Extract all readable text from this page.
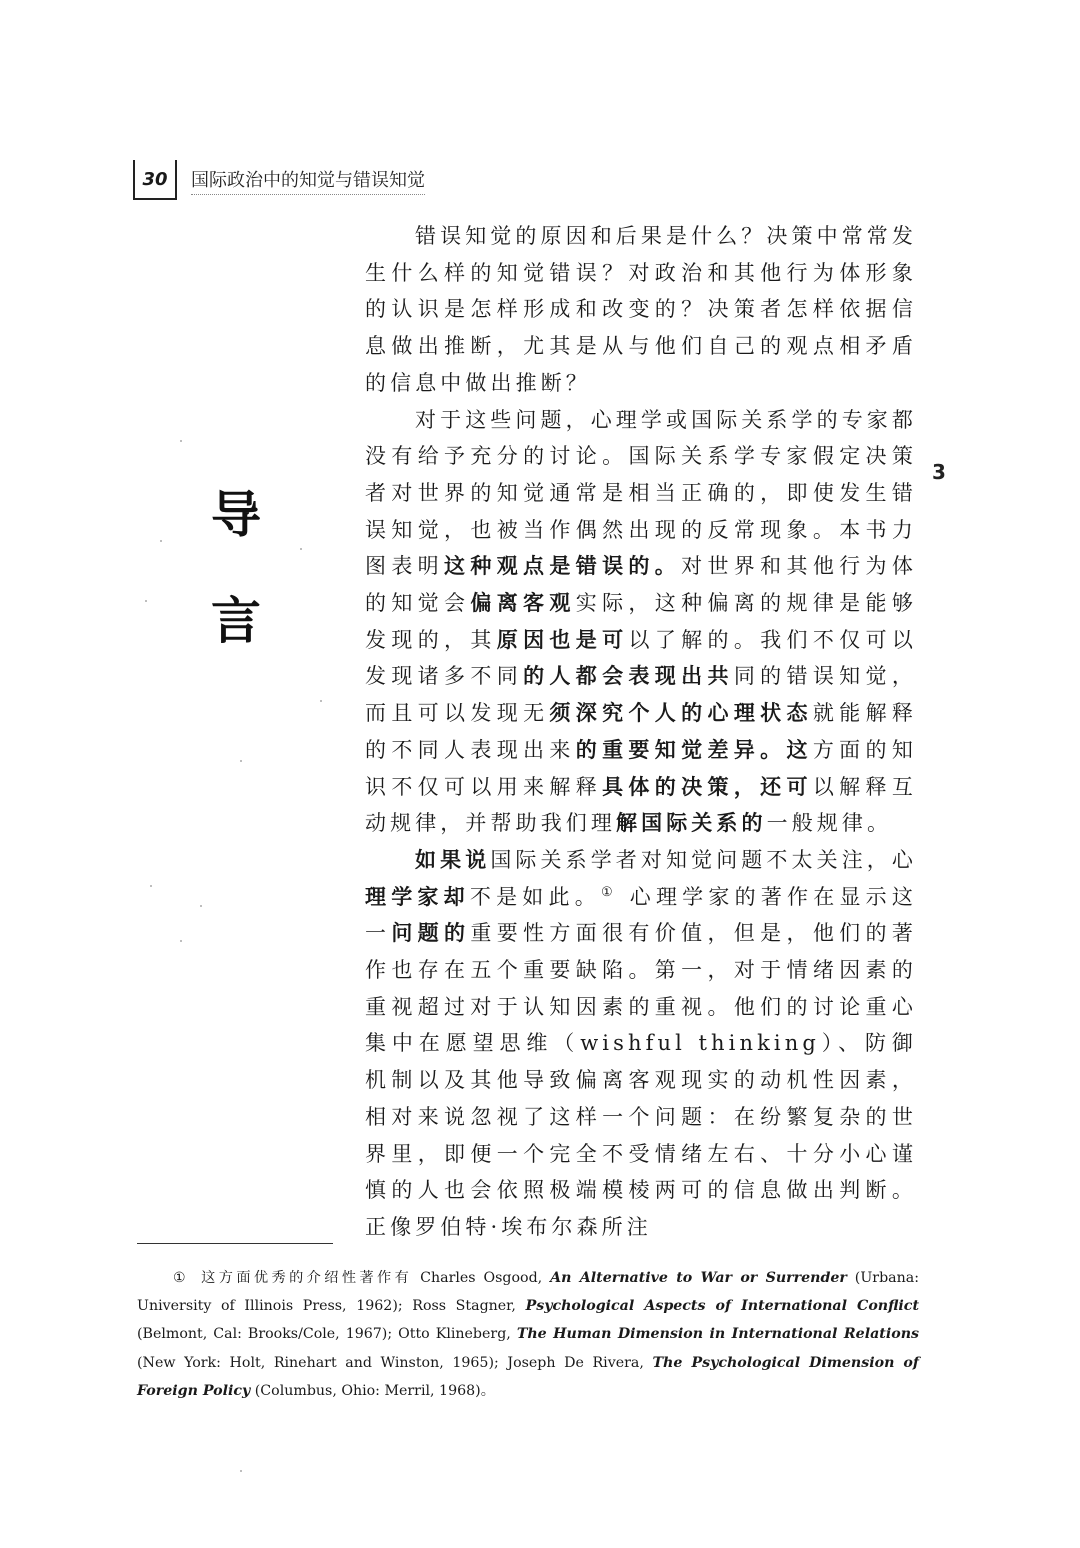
30	国际政治中的知觉与错误知觉
导
言
3

错误知觉的原因和后果是什么？决策中常常发生什么样的知觉错误？对政治和其他行为体形象的认识是怎样形成和改变的？决策者怎样依据信息做出推断，尤其是从与他们自己的观点相矛盾的信息中做出推断？

对于这些问题，心理学或国际关系学的专家都没有给予充分的讨论。国际关系学专家假定决策者对世界的知觉通常是相当正确的，即使发生错误知觉，也被当作偶然出现的反常现象。本书力图表明这种观点是错误的。对世界和其他行为体的知觉会偏离客观实际，这种偏离的规律是能够发现的，其原因也是可以了解的。我们不仅可以发现诸多不同的人都会表现出共同的错误知觉，而且可以发现无须深究个人的心理状态就能解释的不同人表现出来的重要知觉差异。这方面的知识不仅可以用来解释具体的决策，还可以解释互动规律，并帮助我们理解国际关系的一般规律。

如果说国际关系学者对知觉问题不太关注，心理学家却不是如此。① 心理学家的著作在显示这一问题的重要性方面很有价值，但是，他们的著作也存在五个重要缺陷。第一，对于情绪因素的重视超过对于认知因素的重视。他们的讨论重心集中在愿望思维（wishful thinking）、防御机制以及其他导致偏离客观现实的动机性因素，相对来说忽视了这样一个问题：在纷繁复杂的世界里，即便一个完全不受情绪左右、十分小心谨慎的人也会依照极端模棱两可的信息做出判断。正像罗伯特·埃布尔森所注

① 这方面优秀的介绍性著作有 Charles Osgood, An Alternative to War or Surrender (Urbana: University of Illinois Press, 1962); Ross Stagner, Psychological Aspects of International Conflict (Belmont, Cal: Brooks/Cole, 1967); Otto Klineberg, The Human Dimension in International Relations (New York: Holt, Rinehart and Winston, 1965); Joseph De Rivera, The Psychological Dimension of Foreign Policy (Columbus, Ohio: Merril, 1968)。
